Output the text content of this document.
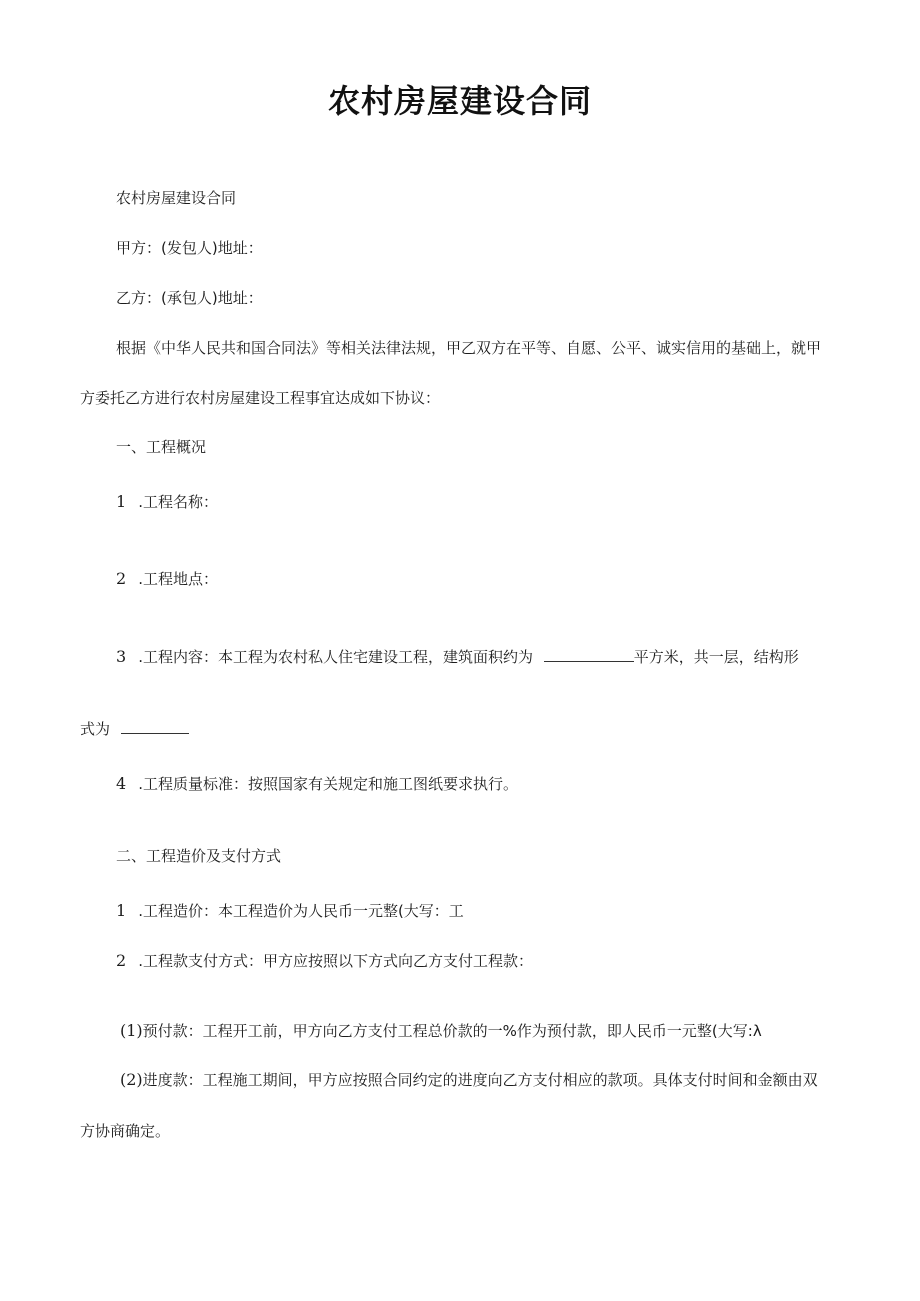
农村房屋建设合同
农村房屋建设合同
甲方：(发包人)地址：
乙方：(承包人)地址：
根据《中华人民共和国合同法》等相关法律法规，甲乙双方在平等、自愿、公平、诚实信用的基础上，就甲
方委托乙方进行农村房屋建设工程事宜达成如下协议：
一、工程概况
1 .工程名称：
2 .工程地点：
3 .工程内容：本工程为农村私人住宅建设工程，建筑面积约为	平方米，共一层，结构形
式为
4 .工程质量标准：按照国家有关规定和施工图纸要求执行。
二、工程造价及支付方式
1 .工程造价：本工程造价为人民币一元整(大写：工
2 .工程款支付方式：甲方应按照以下方式向乙方支付工程款：
(1)预付款：工程开工前，甲方向乙方支付工程总价款的一%作为预付款，即人民币一元整(大写:λ
(2)进度款：工程施工期间，甲方应按照合同约定的进度向乙方支付相应的款项。具体支付时间和金额由双
方协商确定。
